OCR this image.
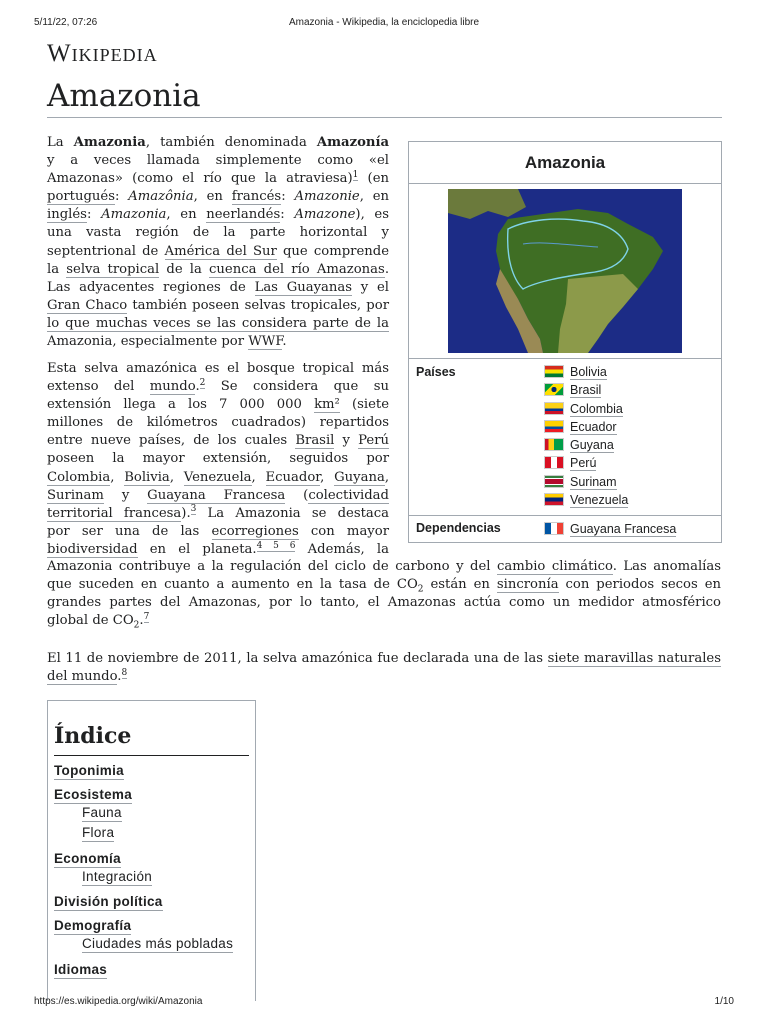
5/11/22, 07:26	Amazonia - Wikipedia, la enciclopedia libre
Wikipedia
Amazonia
La Amazonia, también denominada Amazonía
y a veces llamada simplemente como «el
Amazonas» (como el río que la atraviesa)$^1$ (en
portugués: Amazônia, en francés: Amazonie, en
inglés: Amazonia, en neerlandés: Amazone), es
una vasta región de la parte horizontal y
septentrional de América del Sur que comprende
la selva tropical de la cuenca del río Amazonas.
Las adyacentes regiones de Las Guayanas y el
Gran Chaco también poseen selvas tropicales, por
lo que muchas veces se las considera parte de la
Amazonia, especialmente por WWF.
Esta selva amazónica es el bosque tropical más
extenso del mundo.$^2$ Se considera que su
extensión llega a los 7 000 000 km² (siete
millones de kilómetros cuadrados) repartidos
entre nueve países, de los cuales Brasil y Perú
poseen la mayor extensión, seguidos por
Colombia, Bolivia, Venezuela, Ecuador, Guyana,
Surinam y Guayana Francesa (colectividad
territorial francesa).$^3$ La Amazonia se destaca
por ser una de las ecorregiones con mayor
biodiversidad en el planeta.$^{4 5 6}$ Además, la
Amazonia contribuye a la regulación del ciclo de carbono y del cambio climático. Las anomalías
que suceden en cuanto a aumento en la tasa de $CO_2$ están en sincronía con periodos secos en
grandes partes del Amazonas, por lo tanto, el Amazonas actúa como un medidor atmosférico
global de $CO_2.^7$
El 11 de noviembre de 2011, la selva amazónica fue declarada una de las siete maravillas naturales
del mundo.$^8$
Amazonia
Países	Bolivia
Brasil
Colombia
Ecuador
Guyana
Perú
Surinam
Venezuela
Dependencias	Guayana Francesa
Índice
Toponimia
Ecosistema
Fauna
Flora
Economía
Integración
División política
Demografía
Ciudades más pobladas
Idiomas
https://es.wikipedia.org/wiki/Amazonia	1/10
